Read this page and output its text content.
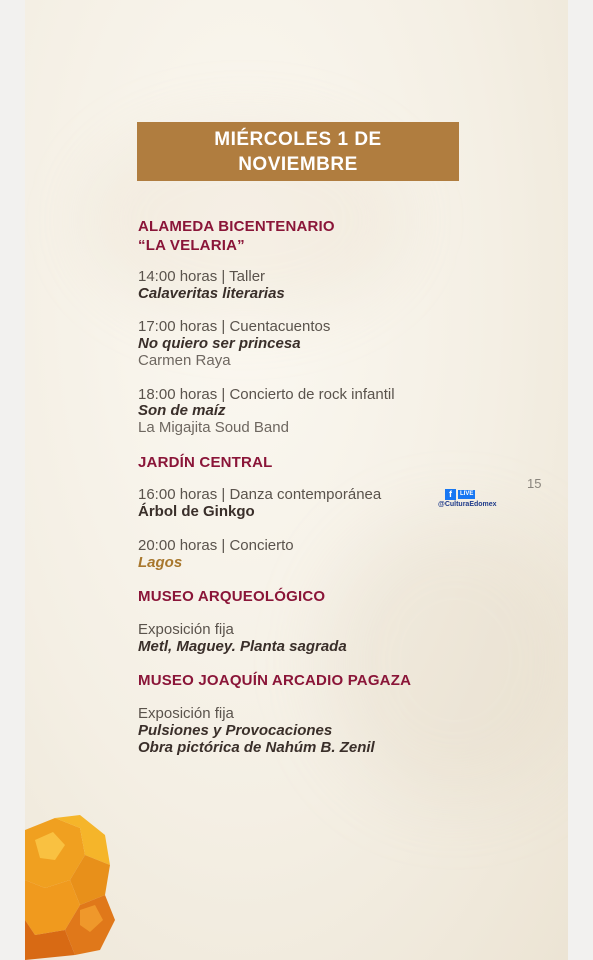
MIÉRCOLES 1 DE
NOVIEMBRE
ALAMEDA BICENTENARIO
“LA VELARIA”
14:00 horas | Taller
Calaveritas literarias
17:00 horas | Cuentacuentos
No quiero ser princesa
Carmen Raya
18:00 horas | Concierto de rock infantil
Son de maíz
La Migajita Soud Band
JARDÍN CENTRAL
16:00 horas | Danza contemporánea
Árbol de Ginkgo
20:00 horas | Concierto
Lagos
MUSEO ARQUEOLÓGICO
Exposición fija
Metl, Maguey. Planta sagrada
MUSEO JOAQUÍN ARCADIO PAGAZA
Exposición fija
Pulsiones y Provocaciones
Obra pictórica de Nahúm B. Zenil
15
f	LIVE
@CulturaEdomex
